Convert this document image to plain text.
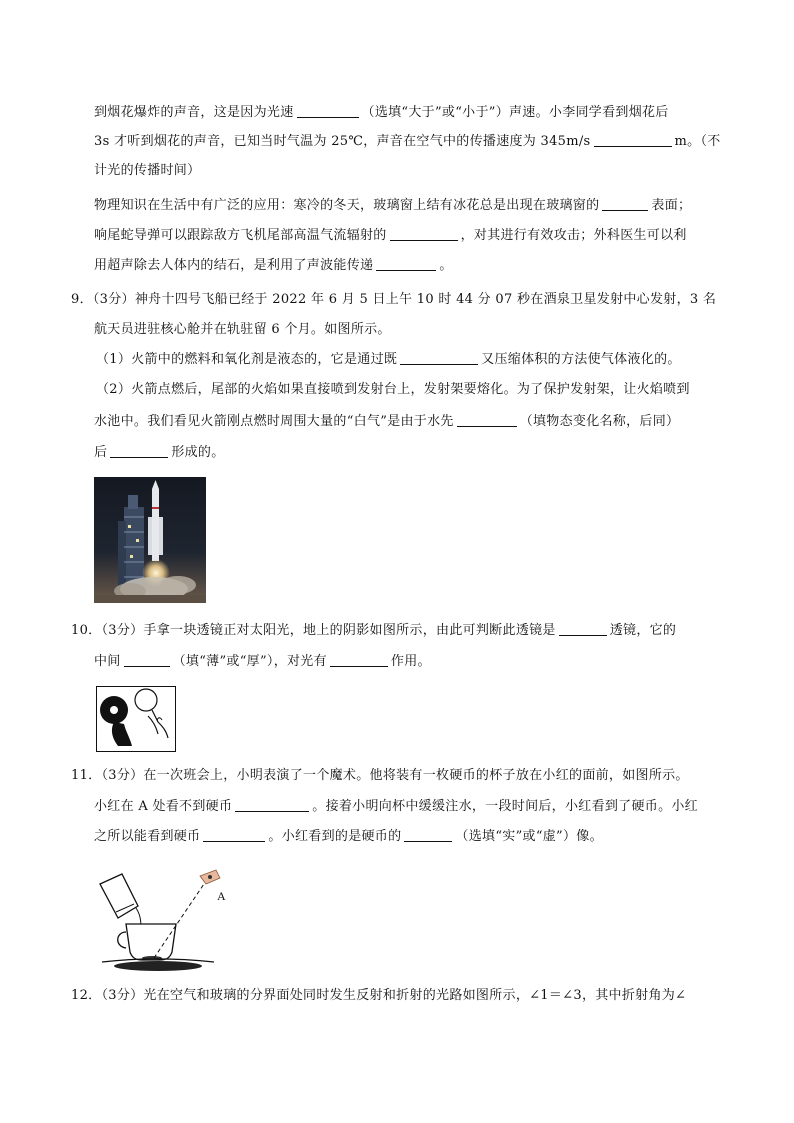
到烟花爆炸的声音，这是因为光速	（选填“大于”或“小于”）声速。小李同学看到烟花后
3s 才听到烟花的声音，已知当时气温为 25℃，声音在空气中的传播速度为 345m/s	m。（不
计光的传播时间）
物理知识在生活中有广泛的应用：寒冷的冬天，玻璃窗上结有冰花总是出现在玻璃窗的	表面；
响尾蛇导弹可以跟踪敌方飞机尾部高温气流辐射的	，对其进行有效攻击；外科医生可以利
用超声除去人体内的结石，是利用了声波能传递	。
9．（3分）神舟十四号飞船已经于 2022 年 6 月 5 日上午 10 时 44 分 07 秒在酒泉卫星发射中心发射，3 名
航天员进驻核心舱并在轨驻留 6 个月。如图所示。
（1）火箭中的燃料和氧化剂是液态的，它是通过既	又压缩体积的方法使气体液化的。
（2）火箭点燃后，尾部的火焰如果直接喷到发射台上，发射架要熔化。为了保护发射架，让火焰喷到
水池中。我们看见火箭刚点燃时周围大量的“白气”是由于水先	（填物态变化名称，后同）
后	形成的。
10．（3分）手拿一块透镜正对太阳光，地上的阴影如图所示，由此可判断此透镜是	透镜，它的
中间	（填“薄”或“厚”），对光有	作用。
11．（3分）在一次班会上，小明表演了一个魔术。他将装有一枚硬币的杯子放在小红的面前，如图所示。
小红在 A 处看不到硬币	。接着小明向杯中缓缓注水，一段时间后，小红看到了硬币。小红
之所以能看到硬币	。小红看到的是硬币的	（选填“实”或“虚”）像。
A
12．（3分）光在空气和玻璃的分界面处同时发生反射和折射的光路如图所示，∠1＝∠3，其中折射角为∠
